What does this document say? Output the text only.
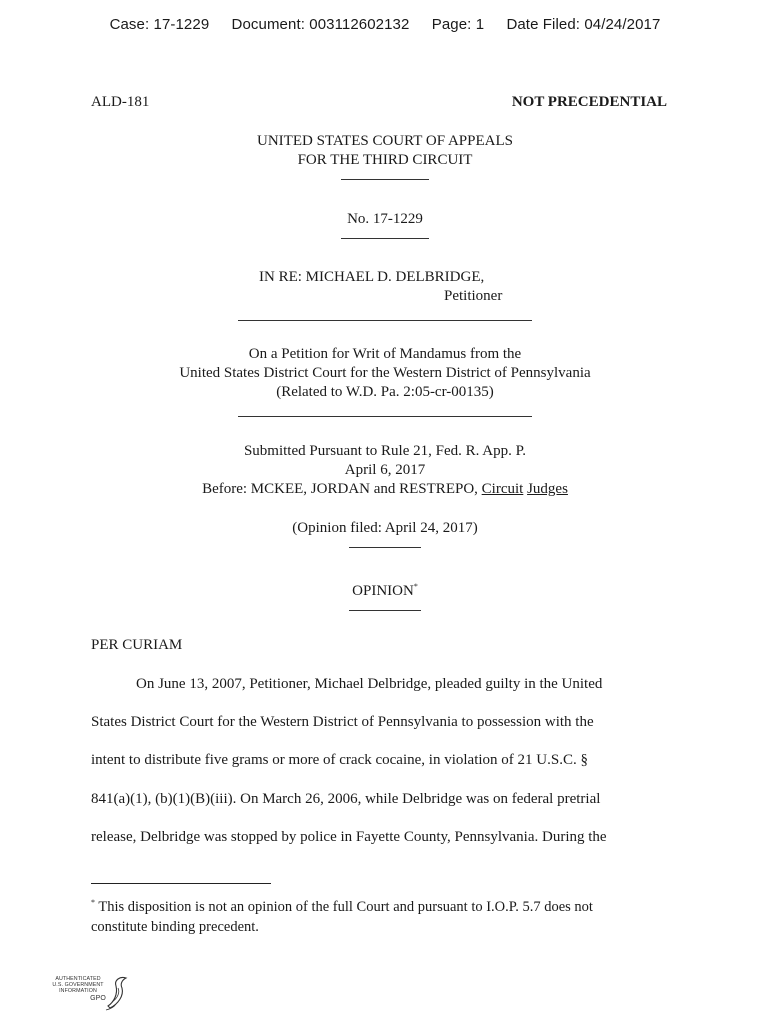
Case: 17-1229 Document: 003112602132 Page: 1 Date Filed: 04/24/2017
ALD-181	NOT PRECEDENTIAL
UNITED STATES COURT OF APPEALS
FOR THE THIRD CIRCUIT
No. 17-1229
IN RE: MICHAEL D. DELBRIDGE,
Petitioner
On a Petition for Writ of Mandamus from the
United States District Court for the Western District of Pennsylvania
(Related to W.D. Pa. 2:05-cr-00135)
Submitted Pursuant to Rule 21, Fed. R. App. P.
April 6, 2017
Before: MCKEE, JORDAN and RESTREPO, Circuit Judges
(Opinion filed: April 24, 2017)
OPINION*
PER CURIAM
On June 13, 2007, Petitioner, Michael Delbridge, pleaded guilty in the United
States District Court for the Western District of Pennsylvania to possession with the
intent to distribute five grams or more of crack cocaine, in violation of 21 U.S.C. §
841(a)(1), (b)(1)(B)(iii). On March 26, 2006, while Delbridge was on federal pretrial
release, Delbridge was stopped by police in Fayette County, Pennsylvania. During the
* This disposition is not an opinion of the full Court and pursuant to I.O.P. 5.7 does not
constitute binding precedent.
AUTHENTICATED
U.S. GOVERNMENT
INFORMATION
GPO
